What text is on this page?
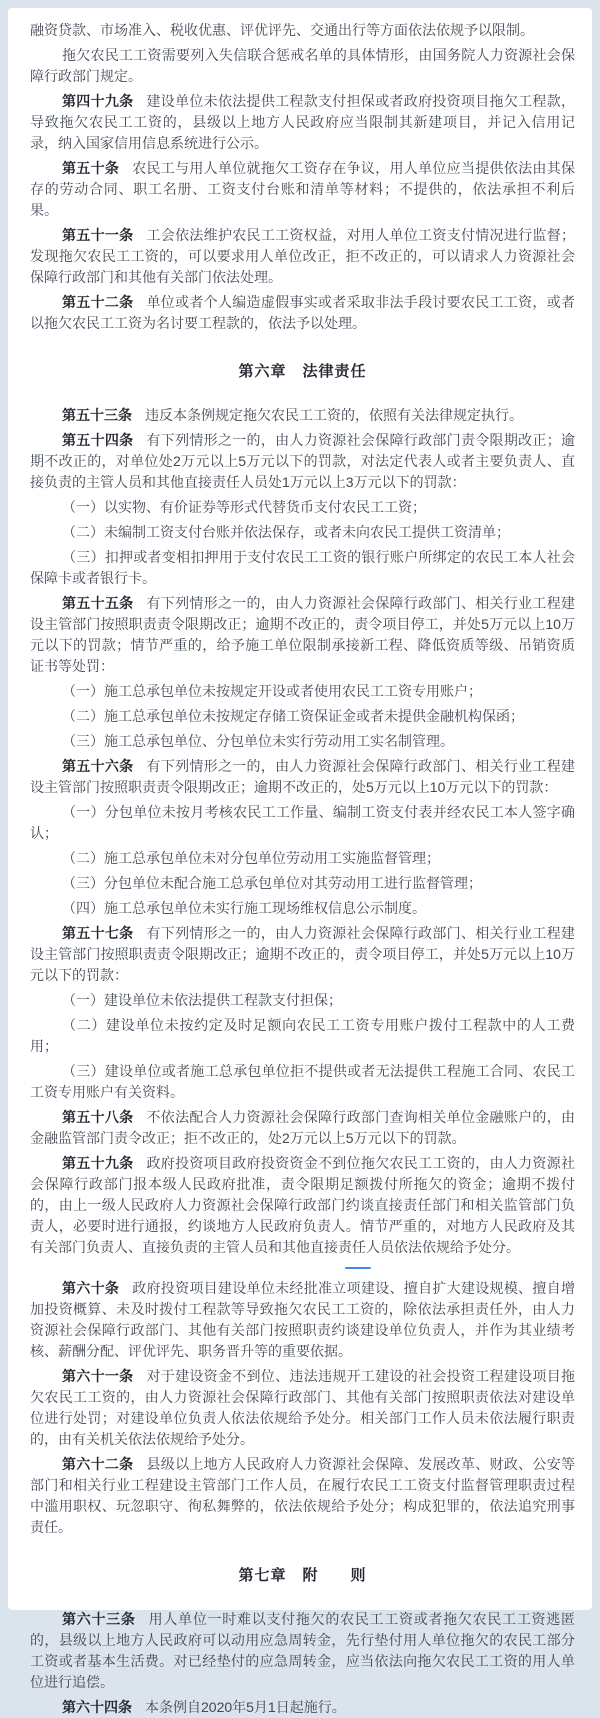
融资贷款、市场准入、税收优惠、评优评先、交通出行等方面依法依规予以限制。

拖欠农民工工资需要列入失信联合惩戒名单的具体情形，由国务院人力资源社会保障行政部门规定。

第四十九条 建设单位未依法提供工程款支付担保或者政府投资项目拖欠工程款，导致拖欠农民工工资的，县级以上地方人民政府应当限制其新建项目，并记入信用记录，纳入国家信用信息系统进行公示。

第五十条 农民工与用人单位就拖欠工资存在争议，用人单位应当提供依法由其保存的劳动合同、职工名册、工资支付台账和清单等材料；不提供的，依法承担不利后果。

第五十一条 工会依法维护农民工工资权益，对用人单位工资支付情况进行监督；发现拖欠农民工工资的，可以要求用人单位改正，拒不改正的，可以请求人力资源社会保障行政部门和其他有关部门依法处理。

第五十二条 单位或者个人编造虚假事实或者采取非法手段讨要农民工工资，或者以拖欠农民工工资为名讨要工程款的，依法予以处理。

第六章　法律责任

第五十三条 违反本条例规定拖欠农民工工资的，依照有关法律规定执行。

第五十四条 有下列情形之一的，由人力资源社会保障行政部门责令限期改正；逾期不改正的，对单位处2万元以上5万元以下的罚款，对法定代表人或者主要负责人、直接负责的主管人员和其他直接责任人员处1万元以上3万元以下的罚款：

（一）以实物、有价证券等形式代替货币支付农民工工资；

（二）未编制工资支付台账并依法保存，或者未向农民工提供工资清单；

（三）扣押或者变相扣押用于支付农民工工资的银行账户所绑定的农民工本人社会保障卡或者银行卡。

第五十五条 有下列情形之一的，由人力资源社会保障行政部门、相关行业工程建设主管部门按照职责责令限期改正；逾期不改正的，责令项目停工，并处5万元以上10万元以下的罚款；情节严重的，给予施工单位限制承接新工程、降低资质等级、吊销资质证书等处罚：

（一）施工总承包单位未按规定开设或者使用农民工工资专用账户；

（二）施工总承包单位未按规定存储工资保证金或者未提供金融机构保函；

（三）施工总承包单位、分包单位未实行劳动用工实名制管理。

第五十六条 有下列情形之一的，由人力资源社会保障行政部门、相关行业工程建设主管部门按照职责责令限期改正；逾期不改正的，处5万元以上10万元以下的罚款：

（一）分包单位未按月考核农民工工作量、编制工资支付表并经农民工本人签字确认；

（二）施工总承包单位未对分包单位劳动用工实施监督管理；

（三）分包单位未配合施工总承包单位对其劳动用工进行监督管理；

（四）施工总承包单位未实行施工现场维权信息公示制度。

第五十七条 有下列情形之一的，由人力资源社会保障行政部门、相关行业工程建设主管部门按照职责责令限期改正；逾期不改正的，责令项目停工，并处5万元以上10万元以下的罚款：

（一）建设单位未依法提供工程款支付担保；

（二）建设单位未按约定及时足额向农民工工资专用账户拨付工程款中的人工费用；

（三）建设单位或者施工总承包单位拒不提供或者无法提供工程施工合同、农民工工资专用账户有关资料。

第五十八条 不依法配合人力资源社会保障行政部门查询相关单位金融账户的，由金融监管部门责令改正；拒不改正的，处2万元以上5万元以下的罚款。

第五十九条 政府投资项目政府投资资金不到位拖欠农民工工资的，由人力资源社会保障行政部门报本级人民政府批准，责令限期足额拨付所拖欠的资金；逾期不拨付的，由上一级人民政府人力资源社会保障行政部门约谈直接责任部门和相关监管部门负责人，必要时进行通报，约谈地方人民政府负责人。情节严重的，对地方人民政府及其有关部门负责人、直接负责的主管人员和其他直接责任人员依法依规给予处分。

第六十条 政府投资项目建设单位未经批准立项建设、擅自扩大建设规模、擅自增加投资概算、未及时拨付工程款等导致拖欠农民工工资的，除依法承担责任外，由人力资源社会保障行政部门、其他有关部门按照职责约谈建设单位负责人，并作为其业绩考核、薪酬分配、评优评先、职务晋升等的重要依据。

第六十一条 对于建设资金不到位、违法违规开工建设的社会投资工程建设项目拖欠农民工工资的，由人力资源社会保障行政部门、其他有关部门按照职责依法对建设单位进行处罚；对建设单位负责人依法依规给予处分。相关部门工作人员未依法履行职责的，由有关机关依法依规给予处分。

第六十二条 县级以上地方人民政府人力资源社会保障、发展改革、财政、公安等部门和相关行业工程建设主管部门工作人员，在履行农民工工资支付监督管理职责过程中滥用职权、玩忽职守、徇私舞弊的，依法依规给予处分；构成犯罪的，依法追究刑事责任。

第七章　附　　则

第六十三条 用人单位一时难以支付拖欠的农民工工资或者拖欠农民工工资逃匿的，县级以上地方人民政府可以动用应急周转金，先行垫付用人单位拖欠的农民工部分工资或者基本生活费。对已经垫付的应急周转金，应当依法向拖欠农民工工资的用人单位进行追偿。

第六十四条 本条例自2020年5月1日起施行。
